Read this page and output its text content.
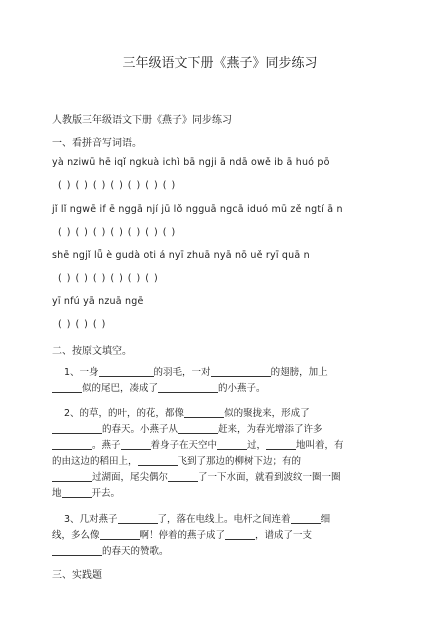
三年级语文下册《燕子》同步练习
人教版三年级语文下册《燕子》同步练习
一、看拼音写词语。
yà nziwū hē iqǐ ngkuà ichì bā ngji ā ndā owě ib ā huó pō
( ) ( ) ( ) ( ) ( ) ( ) ( )
jǐ lǐ ngwē if ē nggā njí jū lǒ ngguā ngcā iduó mū zě ngtí ā n
( ) ( ) ( ) ( ) ( ) ( ) ( )
shē ngjǐ lǖ è gudà oti á nyī zhuā nyā nō uě ryī quā n
( ) ( ) ( ) ( ) ( ) ( )
yī nfú yā nzuā ngē
( ) ( ) ( )
二、按原文填空。
1、一身	的羽毛，一对	的翅膀，加上
似的尾巴，凑成了	的小燕子。
2、的草，的叶，的花，都像	似的聚拢来，形成了
的春天。小燕子从	赶来，为春光增添了许多
。燕子	着身子在天空中	过，	地叫着，有
的由这边的稻田上，	飞到了那边的柳树下边；有的
过湖面，尾尖偶尔	了一下水面，就看到波纹一圈一圈
地	开去。
3、几对燕子	了，落在电线上。电杆之间连着	细
线，多么像	啊！停着的燕子成了	，谱成了一支
的春天的赞歌。
三、实践题
